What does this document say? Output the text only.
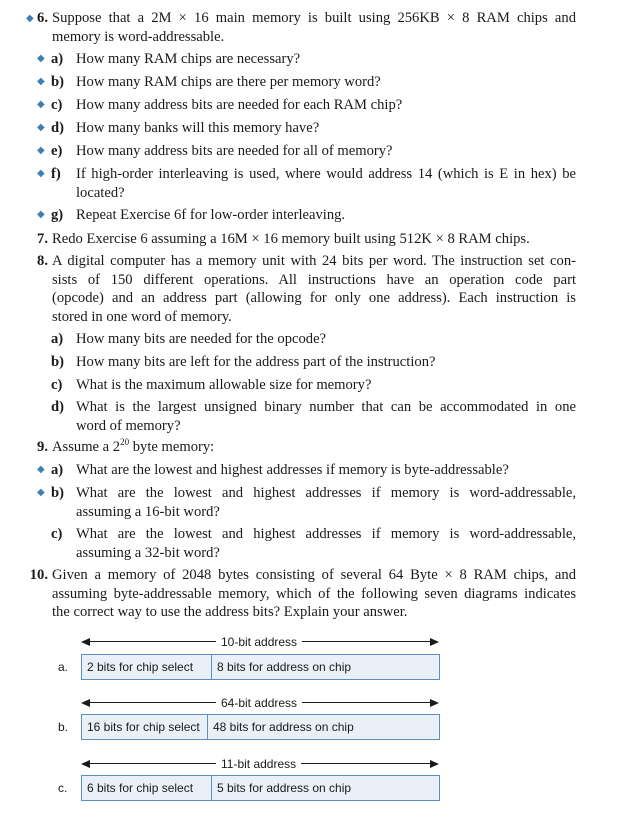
◆ 6. Suppose that a 2M × 16 main memory is built using 256KB × 8 RAM chips and
memory is word-addressable.
◆ a) How many RAM chips are necessary?
◆ b) How many RAM chips are there per memory word?
◆ c) How many address bits are needed for each RAM chip?
◆ d) How many banks will this memory have?
◆ e) How many address bits are needed for all of memory?
◆ f) If high-order interleaving is used, where would address 14 (which is E in hex) be
located?
◆ g) Repeat Exercise 6f for low-order interleaving.
7. Redo Exercise 6 assuming a 16M × 16 memory built using 512K × 8 RAM chips.
8. A digital computer has a memory unit with 24 bits per word. The instruction set con-
sists of 150 different operations. All instructions have an operation code part
(opcode) and an address part (allowing for only one address). Each instruction is
stored in one word of memory.
a) How many bits are needed for the opcode?
b) How many bits are left for the address part of the instruction?
c) What is the maximum allowable size for memory?
d) What is the largest unsigned binary number that can be accommodated in one
word of memory?
9. Assume a $2^{20}$ byte memory:
◆ a) What are the lowest and highest addresses if memory is byte-addressable?
◆ b) What are the lowest and highest addresses if memory is word-addressable,
assuming a 16-bit word?
c) What are the lowest and highest addresses if memory is word-addressable,
assuming a 32-bit word?
10. Given a memory of 2048 bytes consisting of several 64 Byte × 8 RAM chips, and
assuming byte-addressable memory, which of the following seven diagrams indicates
the correct way to use the address bits? Explain your answer.
10-bit address
a.	2 bits for chip select	8 bits for address on chip
64-bit address
b.	16 bits for chip select	48 bits for address on chip
11-bit address
c.	6 bits for chip select	5 bits for address on chip
